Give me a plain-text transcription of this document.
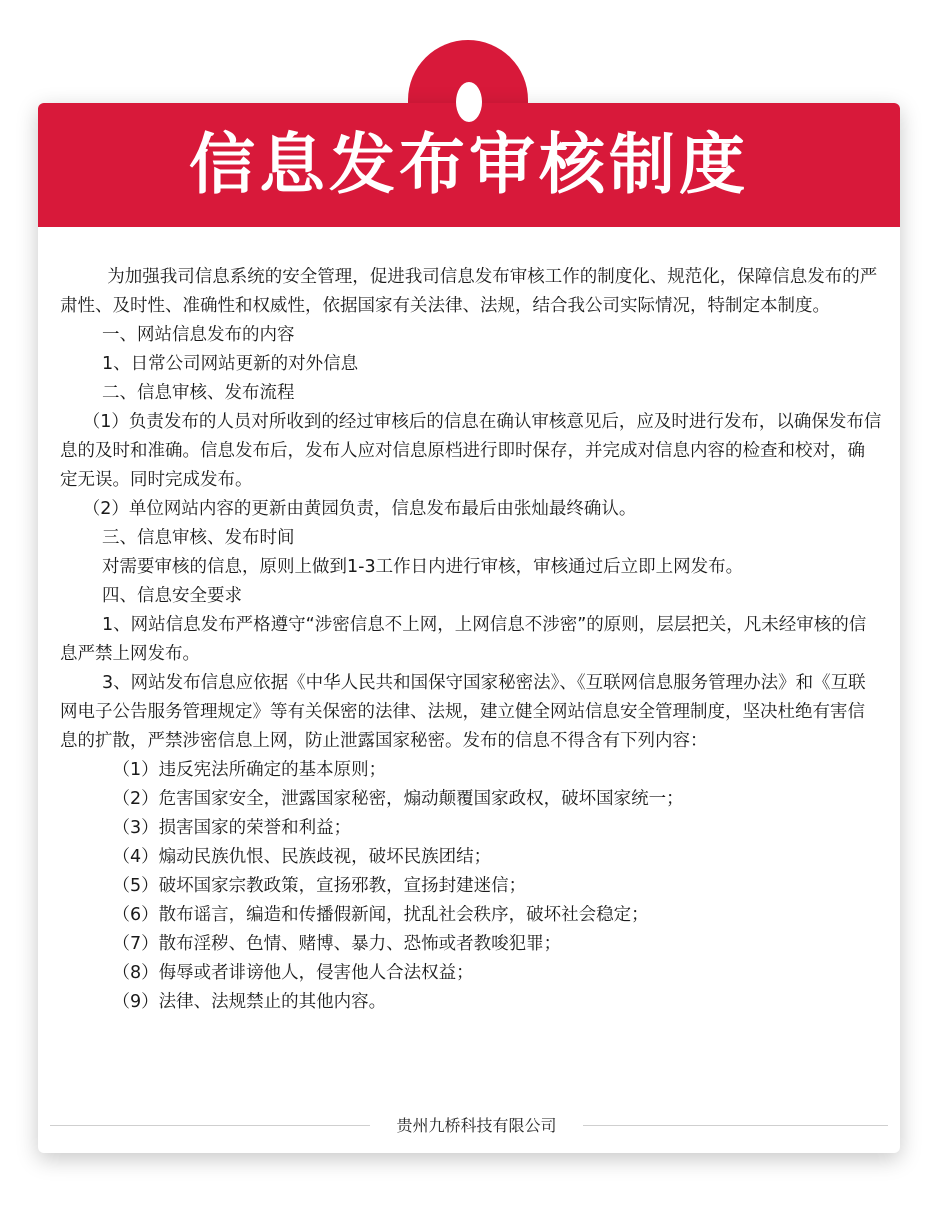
信息发布审核制度

为加强我司信息系统的安全管理，促进我司信息发布审核工作的制度化、规范化，保障信息发布的严肃性、及时性、准确性和权威性，依据国家有关法律、法规，结合我公司实际情况，特制定本制度。

一、网站信息发布的内容

1、日常公司网站更新的对外信息

二、信息审核、发布流程

（1）负责发布的人员对所收到的经过审核后的信息在确认审核意见后，应及时进行发布，以确保发布信息的及时和准确。信息发布后，发布人应对信息原档进行即时保存，并完成对信息内容的检查和校对，确定无误。同时完成发布。

（2）单位网站内容的更新由黄园负责，信息发布最后由张灿最终确认。

三、信息审核、发布时间

对需要审核的信息，原则上做到1-3工作日内进行审核，审核通过后立即上网发布。

四、信息安全要求

1、网站信息发布严格遵守“涉密信息不上网，上网信息不涉密”的原则，层层把关，凡未经审核的信息严禁上网发布。

3、网站发布信息应依据《中华人民共和国保守国家秘密法》、《互联网信息服务管理办法》和《互联网电子公告服务管理规定》等有关保密的法律、法规，建立健全网站信息安全管理制度，坚决杜绝有害信息的扩散，严禁涉密信息上网，防止泄露国家秘密。发布的信息不得含有下列内容：

（1）违反宪法所确定的基本原则；

（2）危害国家安全，泄露国家秘密，煽动颠覆国家政权，破坏国家统一；

（3）损害国家的荣誉和利益；

（4）煽动民族仇恨、民族歧视，破坏民族团结；

（5）破坏国家宗教政策，宣扬邪教，宣扬封建迷信；

（6）散布谣言，编造和传播假新闻，扰乱社会秩序，破坏社会稳定；

（7）散布淫秽、色情、赌博、暴力、恐怖或者教唆犯罪；

（8）侮辱或者诽谤他人，侵害他人合法权益；

（9）法律、法规禁止的其他内容。

贵州九桥科技有限公司
